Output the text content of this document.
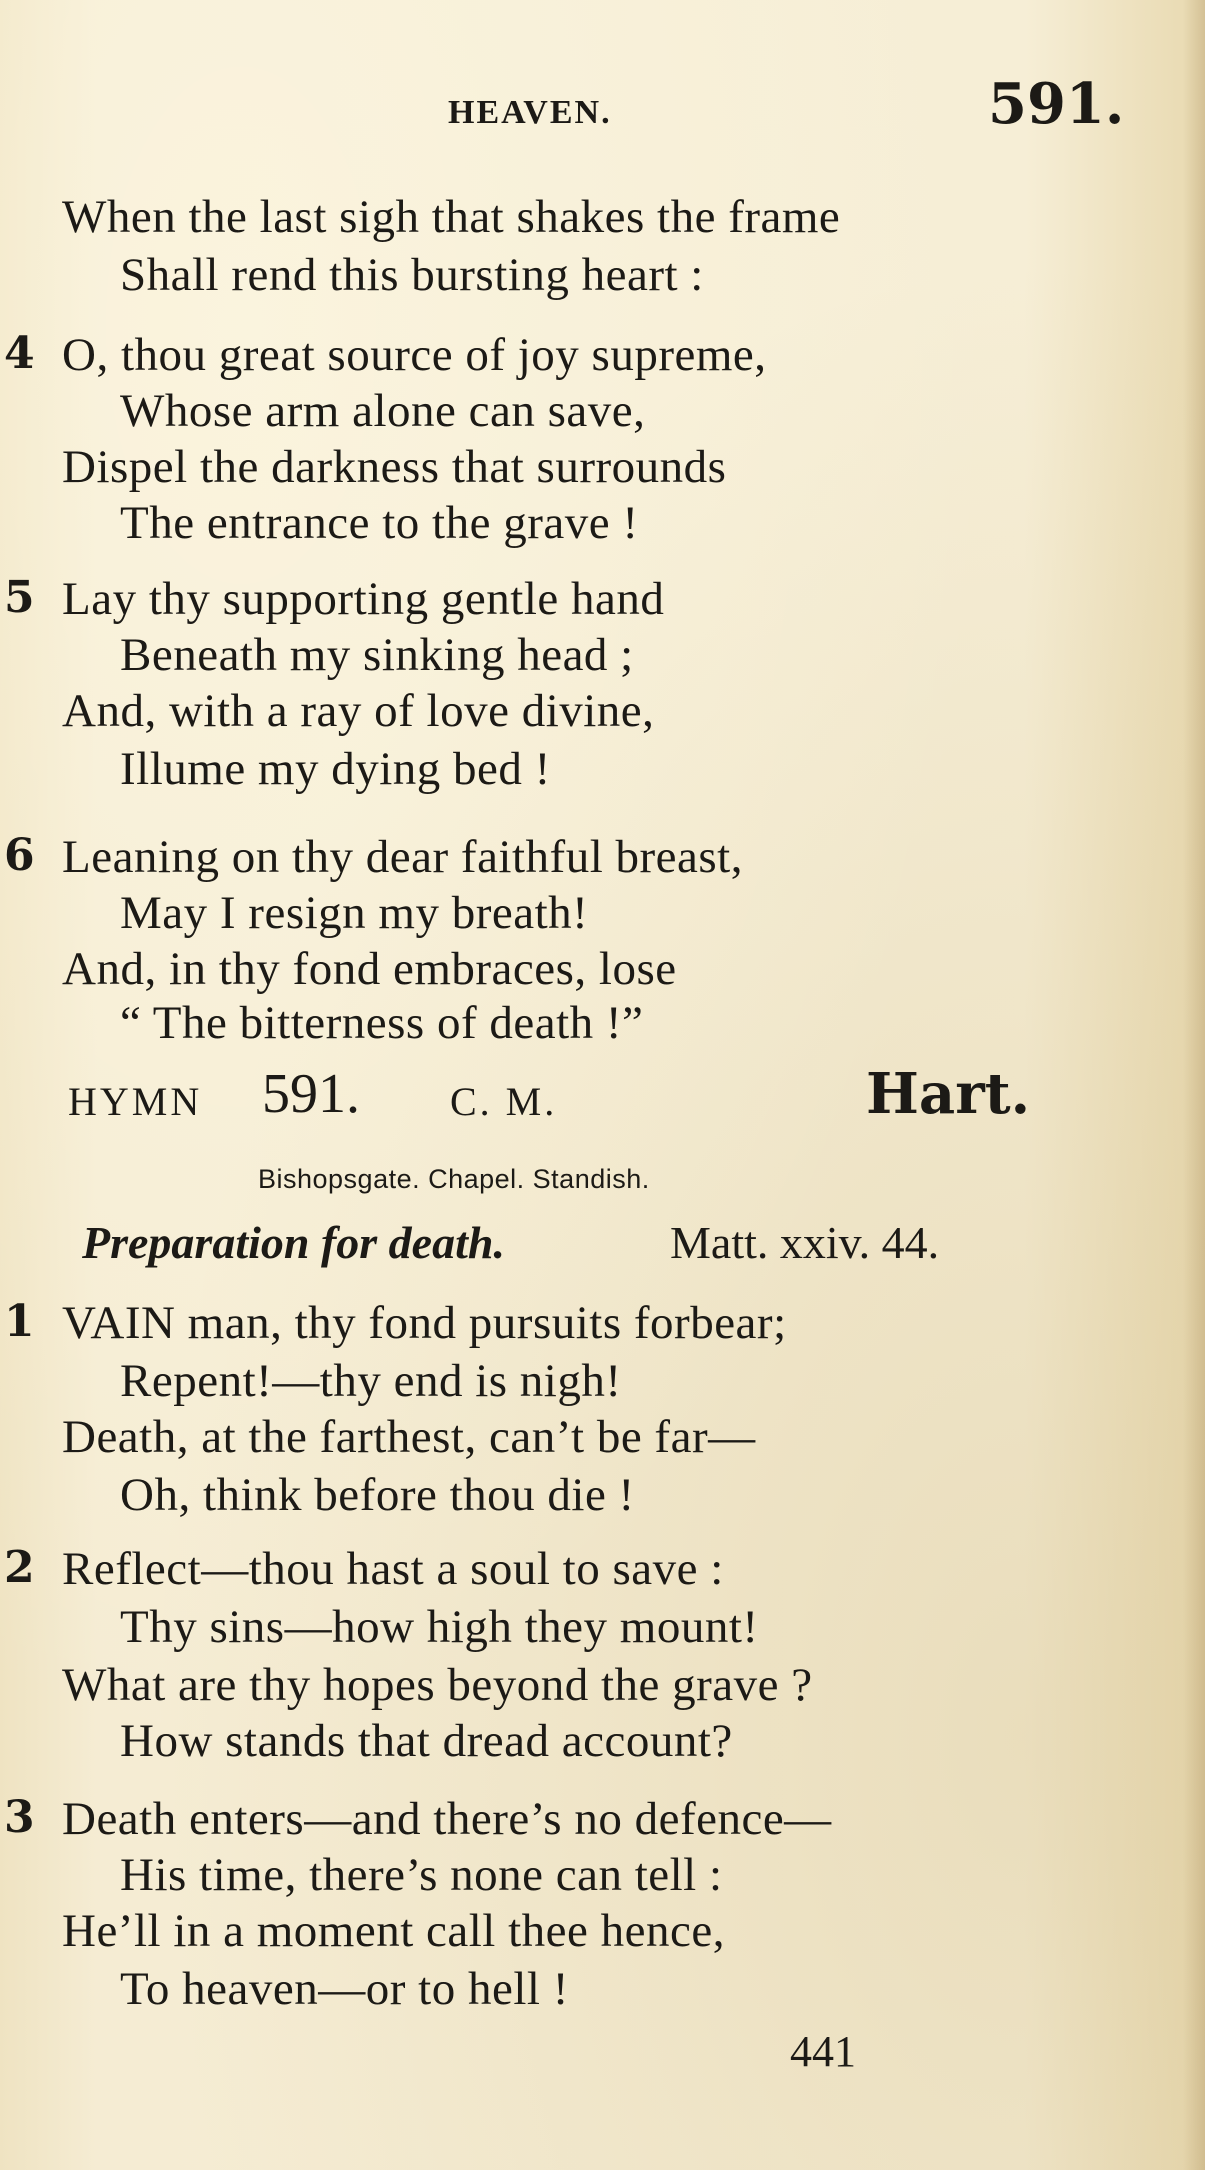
HEAVEN.	591.
When the last sigh that shakes the frame
Shall rend this bursting heart :
4 O, thou great source of joy supreme,
Whose arm alone can save,
Dispel the darkness that surrounds
The entrance to the grave !
5 Lay thy supporting gentle hand
Beneath my sinking head ;
And, with a ray of love divine,
Illume my dying bed !
6 Leaning on thy dear faithful breast,
May I resign my breath!
And, in thy fond embraces, lose
“ The bitterness of death !”
HYMN 591. C. M.	Hart.
Bishopsgate. Chapel. Standish.
Preparation for death.	Matt. xxiv. 44.
1 VAIN man, thy fond pursuits forbear;
Repent!—thy end is nigh!
Death, at the farthest, can’t be far—
Oh, think before thou die !
2 Reflect—thou hast a soul to save :
Thy sins—how high they mount!
What are thy hopes beyond the grave ?
How stands that dread account?
3 Death enters—and there’s no defence—
His time, there’s none can tell :
He’ll in a moment call thee hence,
To heaven—or to hell !
441
